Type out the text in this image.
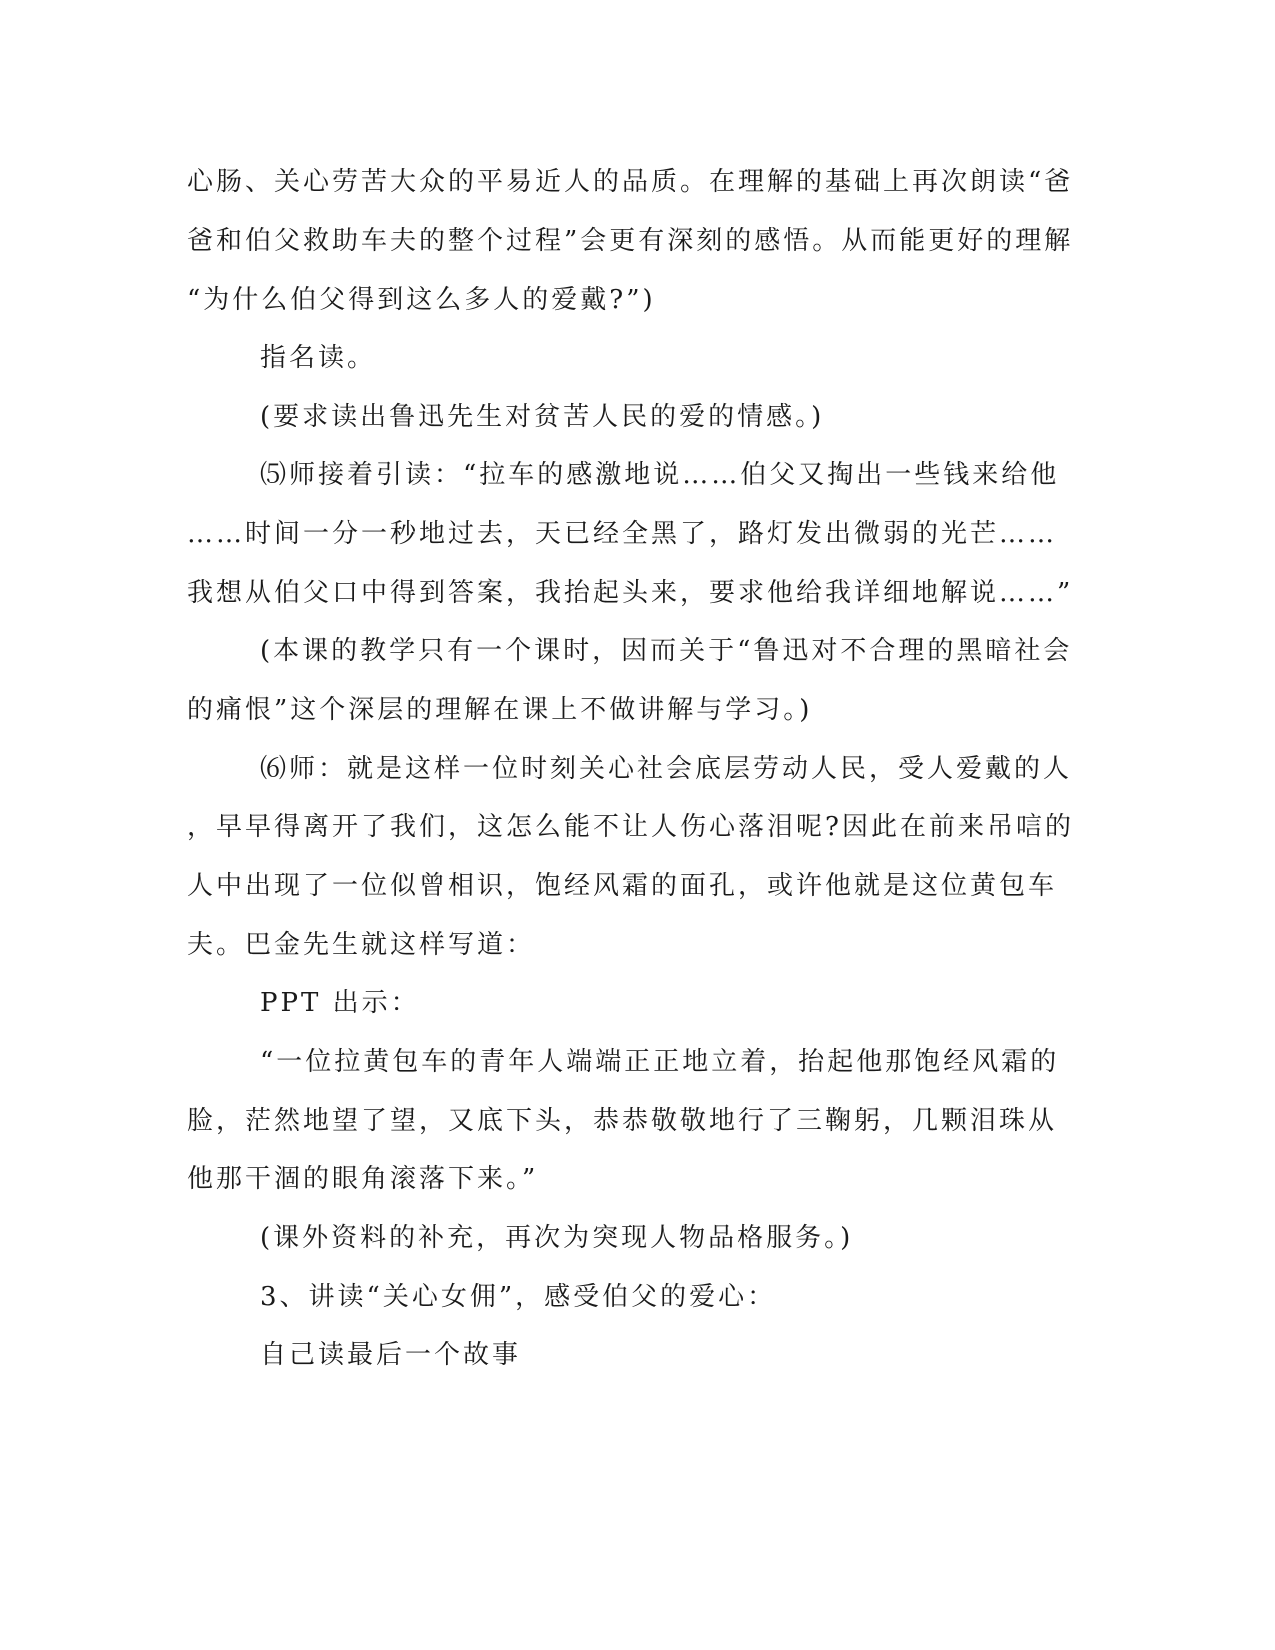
心肠、关心劳苦大众的平易近人的品质。在理解的基础上再次朗读“爸
爸和伯父救助车夫的整个过程”会更有深刻的感悟。从而能更好的理解
“为什么伯父得到这么多人的爱戴?”)
指名读。
(要求读出鲁迅先生对贫苦人民的爱的情感。)
⑸师接着引读：“拉车的感激地说……伯父又掏出一些钱来给他
……时间一分一秒地过去，天已经全黑了，路灯发出微弱的光芒……
我想从伯父口中得到答案，我抬起头来，要求他给我详细地解说……”
(本课的教学只有一个课时，因而关于“鲁迅对不合理的黑暗社会
的痛恨”这个深层的理解在课上不做讲解与学习。)
⑹师：就是这样一位时刻关心社会底层劳动人民，受人爱戴的人
，早早得离开了我们，这怎么能不让人伤心落泪呢?因此在前来吊唁的
人中出现了一位似曾相识，饱经风霜的面孔，或许他就是这位黄包车
夫。巴金先生就这样写道：
PPT 出示：
“一位拉黄包车的青年人端端正正地立着，抬起他那饱经风霜的
脸，茫然地望了望，又底下头，恭恭敬敬地行了三鞠躬，几颗泪珠从
他那干涸的眼角滚落下来。”
(课外资料的补充，再次为突现人物品格服务。)
3、讲读“关心女佣”，感受伯父的爱心：
自己读最后一个故事
